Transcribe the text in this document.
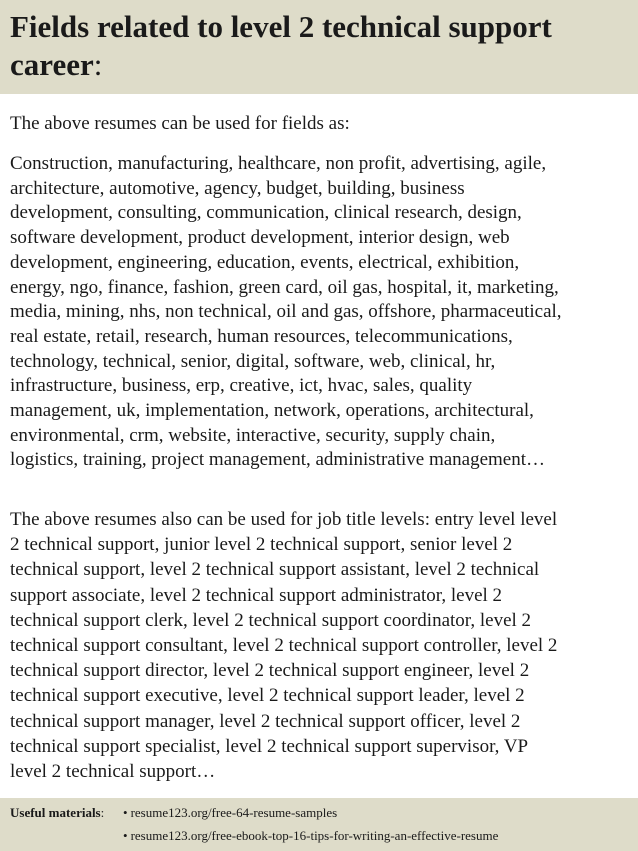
Fields related to level 2 technical support career:

The above resumes can be used for fields as:

Construction, manufacturing, healthcare, non profit, advertising, agile,
architecture, automotive, agency, budget, building, business
development, consulting, communication, clinical research, design,
software development, product development, interior design, web
development, engineering, education, events, electrical, exhibition,
energy, ngo, finance, fashion, green card, oil gas, hospital, it, marketing,
media, mining, nhs, non technical, oil and gas, offshore, pharmaceutical,
real estate, retail, research, human resources, telecommunications,
technology, technical, senior, digital, software, web, clinical, hr,
infrastructure, business, erp, creative, ict, hvac, sales, quality
management, uk, implementation, network, operations, architectural,
environmental, crm, website, interactive, security, supply chain,
logistics, training, project management, administrative management…

The above resumes also can be used for job title levels: entry level level
2 technical support, junior level 2 technical support, senior level 2
technical support, level 2 technical support assistant, level 2 technical
support associate, level 2 technical support administrator, level 2
technical support clerk, level 2 technical support coordinator, level 2
technical support consultant, level 2 technical support controller, level 2
technical support director, level 2 technical support engineer, level 2
technical support executive, level 2 technical support leader, level 2
technical support manager, level 2 technical support officer, level 2
technical support specialist, level 2 technical support supervisor, VP
level 2 technical support…

Useful materials: • resume123.org/free-64-resume-samples
• resume123.org/free-ebook-top-16-tips-for-writing-an-effective-resume
